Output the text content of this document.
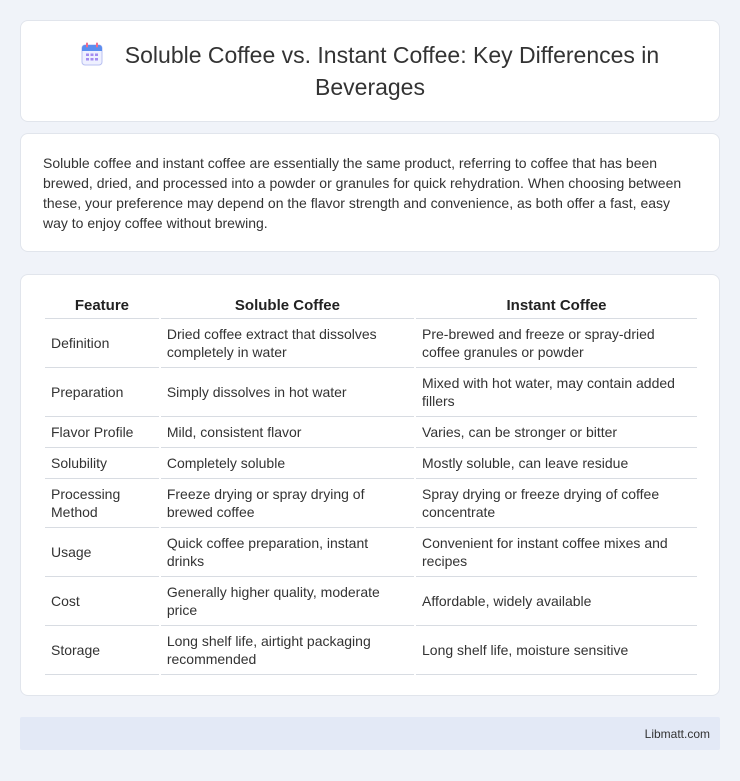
Soluble Coffee vs. Instant Coffee: Key Differences in Beverages

Soluble coffee and instant coffee are essentially the same product, referring to coffee that has been brewed, dried, and processed into a powder or granules for quick rehydration. When choosing between these, your preference may depend on the flavor strength and convenience, as both offer a fast, easy way to enjoy coffee without brewing.

Feature	Soluble Coffee	Instant Coffee
Definition	Dried coffee extract that dissolves completely in water	Pre-brewed and freeze or spray-dried coffee granules or powder
Preparation	Simply dissolves in hot water	Mixed with hot water, may contain added fillers
Flavor Profile	Mild, consistent flavor	Varies, can be stronger or bitter
Solubility	Completely soluble	Mostly soluble, can leave residue
Processing Method	Freeze drying or spray drying of brewed coffee	Spray drying or freeze drying of coffee concentrate
Usage	Quick coffee preparation, instant drinks	Convenient for instant coffee mixes and recipes
Cost	Generally higher quality, moderate price	Affordable, widely available
Storage	Long shelf life, airtight packaging recommended	Long shelf life, moisture sensitive
Libmatt.com
